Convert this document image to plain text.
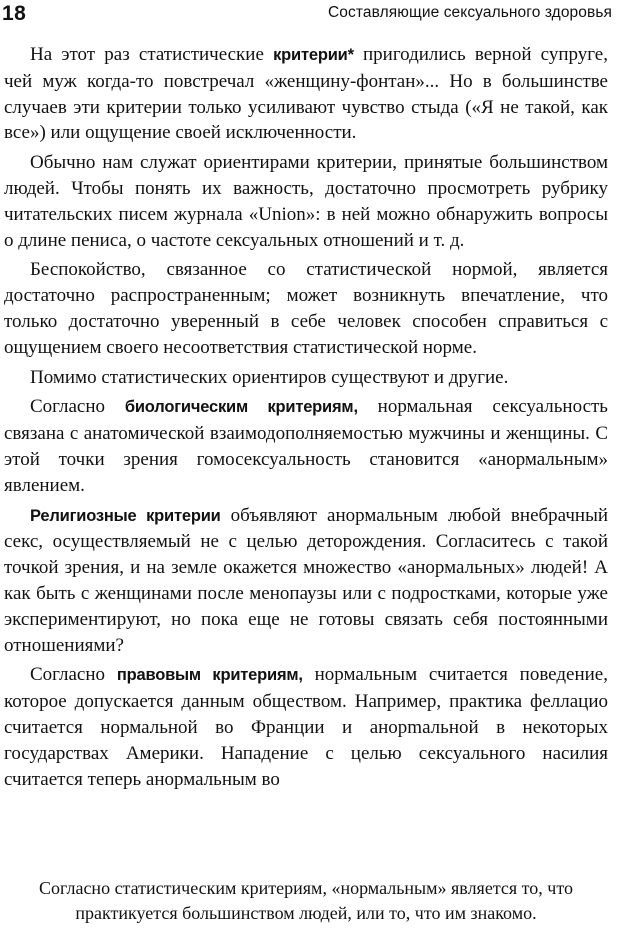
18	Составляющие сексуального здоровья

На этот раз статистические критерии* пригодились верной супруге, чей муж когда-то повстречал «женщину-фонтан»... Но в большинстве случаев эти критерии только усиливают чувство стыда («Я не такой, как все») или ощущение своей исключенности.

Обычно нам служат ориентирами критерии, принятые большинством людей. Чтобы понять их важность, достаточно просмотреть рубрику читательских писем журнала «Union»: в ней можно обнаружить вопросы о длине пениса, о частоте сексуальных отношений и т. д.

Беспокойство, связанное со статистической нормой, является достаточно распространенным; может возникнуть впечатление, что только достаточно уверенный в себе человек способен справиться с ощущением своего несоответствия статистической норме.

Помимо статистических ориентиров существуют и другие.

Согласно биологическим критериям, нормальная сексуальность связана с анатомической взаимодополняемостью мужчины и женщины. С этой точки зрения гомосексуальность становится «анормальным» явлением.

Религиозные критерии объявляют анормальным любой внебрачный секс, осуществляемый не с целью деторождения. Согласитесь с такой точкой зрения, и на земле окажется множество «анормальных» людей! А как быть с женщинами после менопаузы или с подростками, которые уже экспериментируют, но пока еще не готовы связать себя постоянными отношениями?

Согласно правовым критериям, нормальным считается поведение, которое допускается данным обществом. Например, практика феллацио считается нормальной во Франции и анорmальной в некоторых государствах Америки. Нападение с целью сексуального насилия считается теперь анормальным во

Согласно статистическим критериям, «нормальным» является то, что практикуется большинством людей, или то, что им знакомо.
